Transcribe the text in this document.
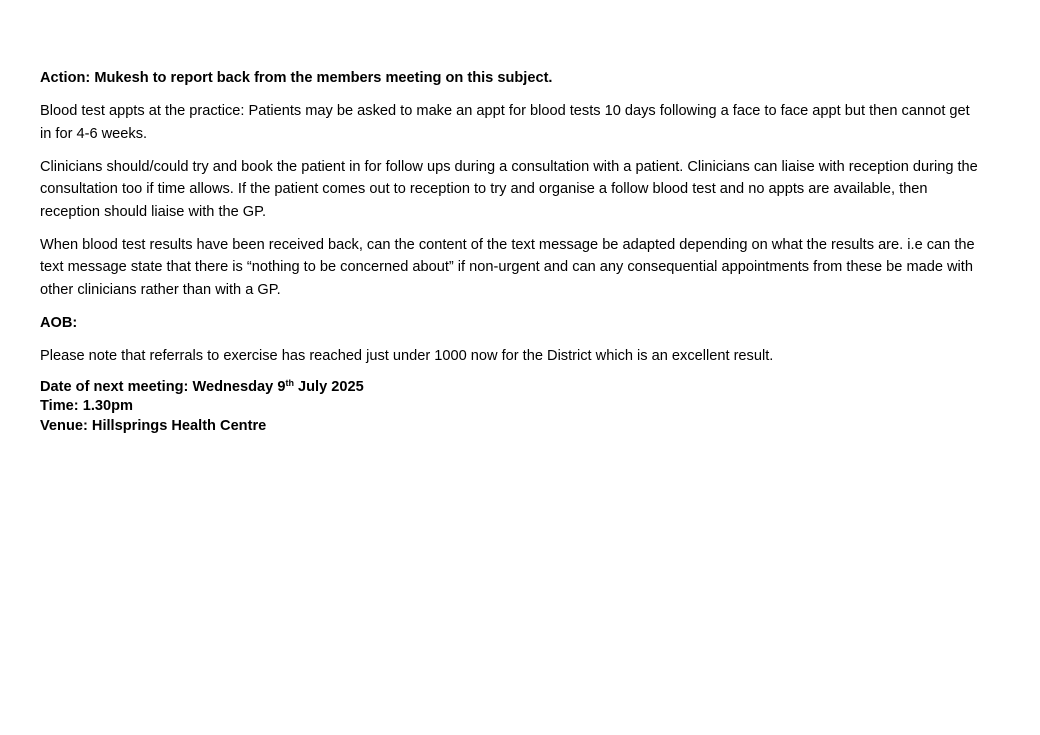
Action: Mukesh to report back from the members meeting on this subject.

Blood test appts at the practice: Patients may be asked to make an appt for blood tests 10 days following a face to face appt but then cannot get in for 4-6 weeks.

Clinicians should/could try and book the patient in for follow ups during a consultation with a patient. Clinicians can liaise with reception during the consultation too if time allows. If the patient comes out to reception to try and organise a follow blood test and no appts are available, then reception should liaise with the GP.

When blood test results have been received back, can the content of the text message be adapted depending on what the results are. i.e can the text message state that there is “nothing to be concerned about” if non-urgent and can any consequential appointments from these be made with other clinicians rather than with a GP.

AOB:

Please note that referrals to exercise has reached just under 1000 now for the District which is an excellent result.

Date of next meeting: Wednesday 9th July 2025
Time: 1.30pm
Venue: Hillsprings Health Centre
